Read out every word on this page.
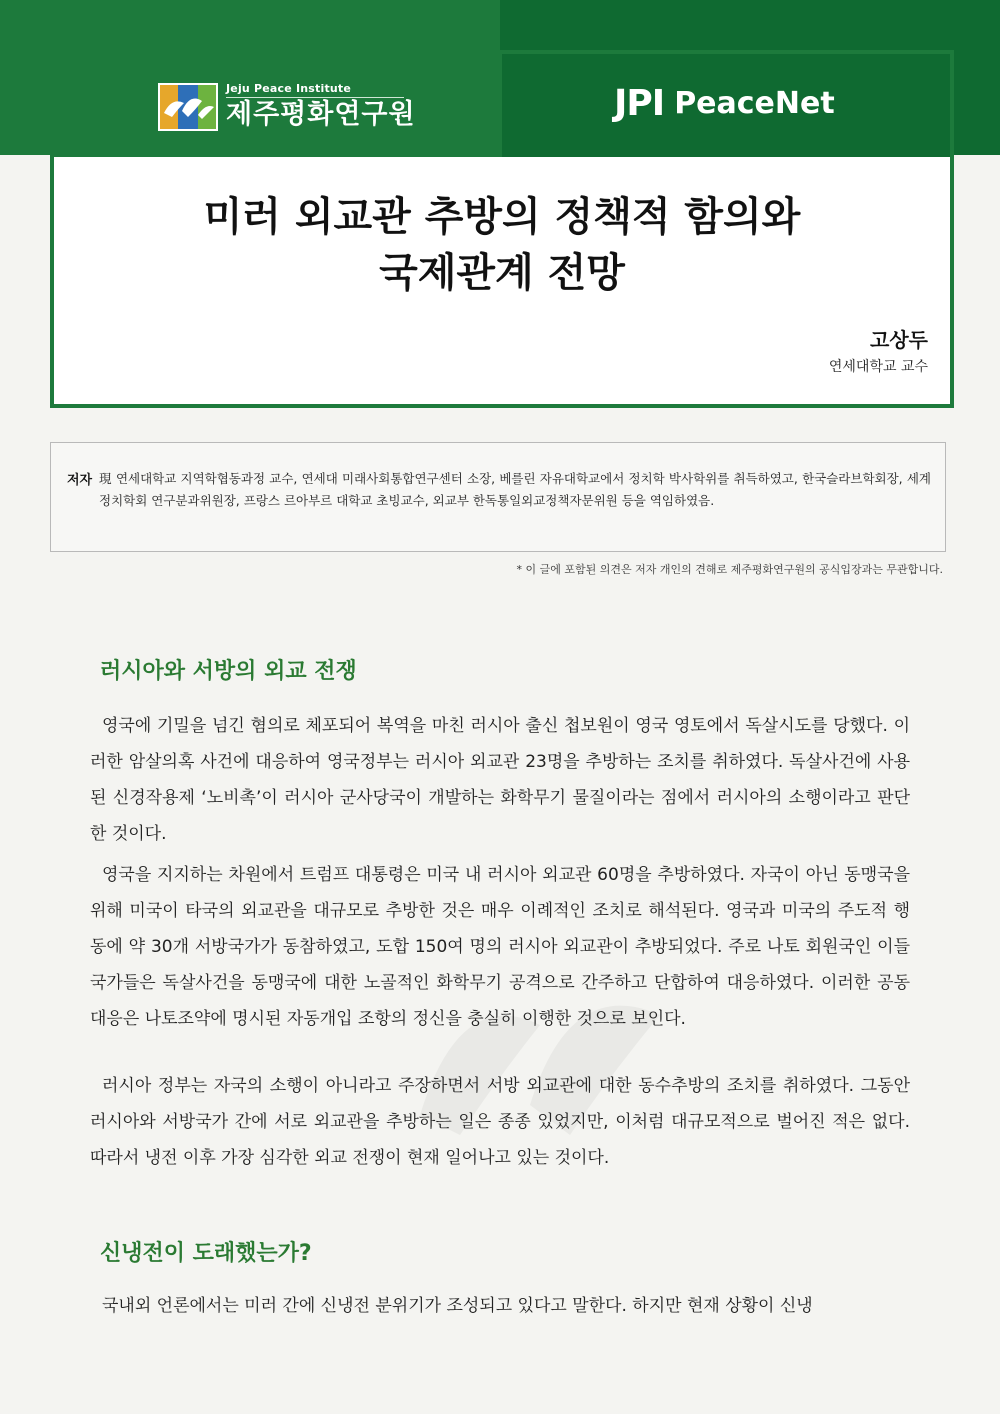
Jeju Peace Institute
제주평화연구원	JPI PeaceNet
미러 외교관 추방의 정책적 함의와
국제관계 전망
고상두
연세대학교 교수
저자 現 연세대학교 지역학협동과정 교수, 연세대 미래사회통합연구센터 소장, 베를린 자유대학교에서 정치학 박사학위를 취득하였고, 한국슬라브학회장, 세계정치학회 연구분과위원장, 프랑스 르아부르 대학교 초빙교수, 외교부 한독통일외교정책자문위원 등을 역임하였음.
* 이 글에 포함된 의견은 저자 개인의 견해로 제주평화연구원의 공식입장과는 무관합니다.
러시아와 서방의 외교 전쟁

영국에 기밀을 넘긴 혐의로 체포되어 복역을 마친 러시아 출신 첩보원이 영국 영토에서 독살시도를 당했다. 이러한 암살의혹 사건에 대응하여 영국정부는 러시아 외교관 23명을 추방하는 조치를 취하였다. 독살사건에 사용된 신경작용제 ‘노비촉’이 러시아 군사당국이 개발하는 화학무기 물질이라는 점에서 러시아의 소행이라고 판단한 것이다.

영국을 지지하는 차원에서 트럼프 대통령은 미국 내 러시아 외교관 60명을 추방하였다. 자국이 아닌 동맹국을 위해 미국이 타국의 외교관을 대규모로 추방한 것은 매우 이례적인 조치로 해석된다. 영국과 미국의 주도적 행동에 약 30개 서방국가가 동참하였고, 도합 150여 명의 러시아 외교관이 추방되었다. 주로 나토 회원국인 이들 국가들은 독살사건을 동맹국에 대한 노골적인 화학무기 공격으로 간주하고 단합하여 대응하였다. 이러한 공동대응은 나토조약에 명시된 자동개입 조항의 정신을 충실히 이행한 것으로 보인다.

러시아 정부는 자국의 소행이 아니라고 주장하면서 서방 외교관에 대한 동수추방의 조치를 취하였다. 그동안 러시아와 서방국가 간에 서로 외교관을 추방하는 일은 종종 있었지만, 이처럼 대규모적으로 벌어진 적은 없다. 따라서 냉전 이후 가장 심각한 외교 전쟁이 현재 일어나고 있는 것이다.

신냉전이 도래했는가?

국내외 언론에서는 미러 간에 신냉전 분위기가 조성되고 있다고 말한다. 하지만 현재 상황이 신냉
